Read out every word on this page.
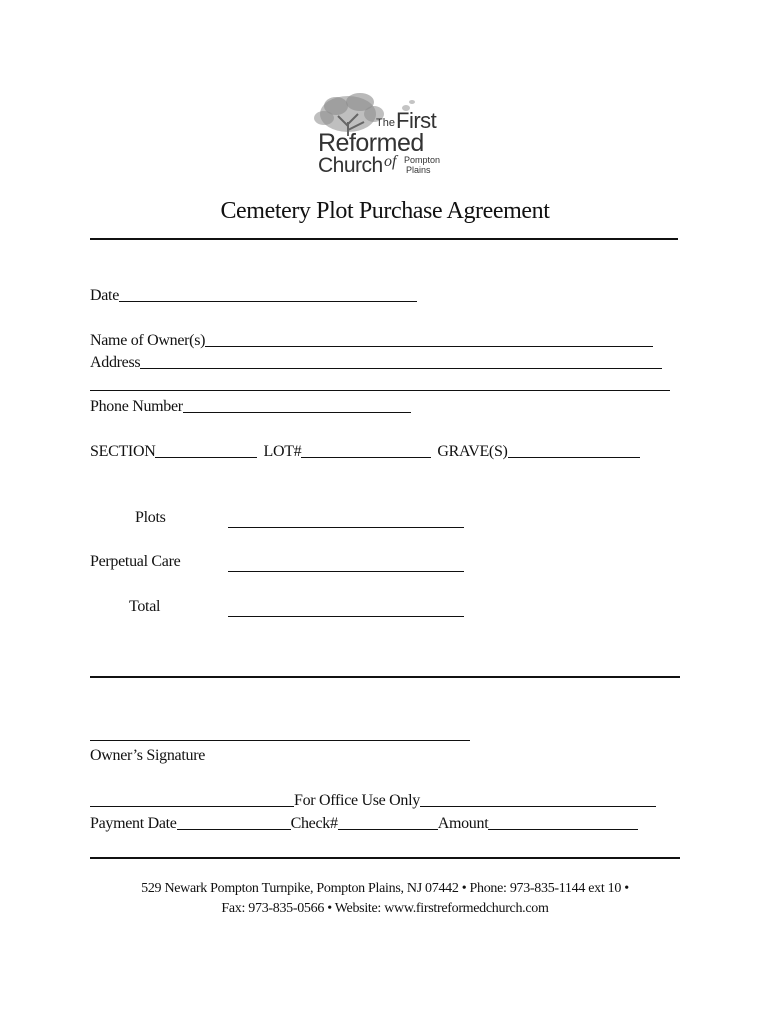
The First
Reformed
Church of Pompton
Plains
Cemetery Plot Purchase Agreement
Date
Name of Owner(s)
Address
Phone Number
SECTION	LOT#	GRAVE(S)
Plots
Perpetual Care
Total
Owner’s Signature
For Office Use Only
Payment Date	Check#	Amount
529 Newark Pompton Turnpike, Pompton Plains, NJ 07442 • Phone: 973-835-1144 ext 10 •
Fax: 973-835-0566 • Website: www.firstreformedchurch.com
